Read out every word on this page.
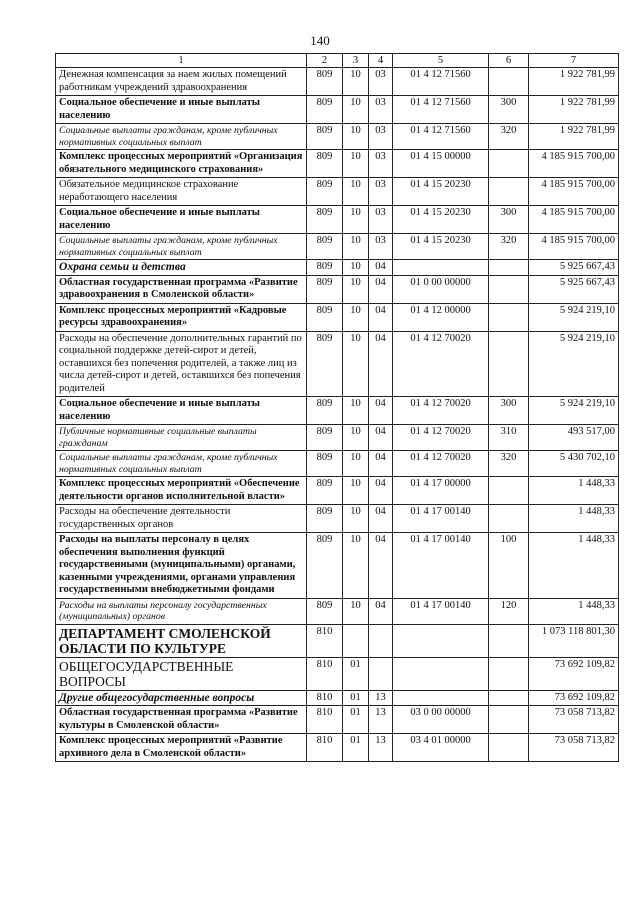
140
1	2	3	4	5	6	7
Денежная компенсация за наем жилых помещений работникам учреждений здравоохранения	809	10	03	01 4 12 71560		1 922 781,99
Социальное обеспечение и иные выплаты населению	809	10	03	01 4 12 71560	300	1 922 781,99
Социальные выплаты гражданам, кроме публичных нормативных социальных выплат	809	10	03	01 4 12 71560	320	1 922 781,99
Комплекс процессных мероприятий «Организация обязательного медицинского страхования»	809	10	03	01 4 15 00000		4 185 915 700,00
Обязательное медицинское страхование неработающего населения	809	10	03	01 4 15 20230		4 185 915 700,00
Социальное обеспечение и иные выплаты населению	809	10	03	01 4 15 20230	300	4 185 915 700,00
Социальные выплаты гражданам, кроме публичных нормативных социальных выплат	809	10	03	01 4 15 20230	320	4 185 915 700,00
Охрана семьи и детства	809	10	04			5 925 667,43
Областная государственная программа «Развитие здравоохранения в Смоленской области»	809	10	04	01 0 00 00000		5 925 667,43
Комплекс процессных мероприятий «Кадровые ресурсы здравоохранения»	809	10	04	01 4 12 00000		5 924 219,10
Расходы на обеспечение дополнительных гарантий по социальной поддержке детей-сирот и детей, оставшихся без попечения родителей, а также лиц из числа детей-сирот и детей, оставшихся без попечения родителей	809	10	04	01 4 12 70020		5 924 219,10
Социальное обеспечение и иные выплаты населению	809	10	04	01 4 12 70020	300	5 924 219,10
Публичные нормативные социальные выплаты гражданам	809	10	04	01 4 12 70020	310	493 517,00
Социальные выплаты гражданам, кроме публичных нормативных социальных выплат	809	10	04	01 4 12 70020	320	5 430 702,10
Комплекс процессных мероприятий «Обеспечение деятельности органов исполнительной власти»	809	10	04	01 4 17 00000		1 448,33
Расходы на обеспечение деятельности государственных органов	809	10	04	01 4 17 00140		1 448,33
Расходы на выплаты персоналу в целях обеспечения выполнения функций государственными (муниципальными) органами, казенными учреждениями, органами управления государственными внебюджетными фондами	809	10	04	01 4 17 00140	100	1 448,33
Расходы на выплаты персоналу государственных (муниципальных) органов	809	10	04	01 4 17 00140	120	1 448,33
ДЕПАРТАМЕНТ СМОЛЕНСКОЙ ОБЛАСТИ ПО КУЛЬТУРЕ	810					1 073 118 801,30
ОБЩЕГОСУДАРСТВЕННЫЕ ВОПРОСЫ	810	01				73 692 109,82
Другие общегосударственные вопросы	810	01	13			73 692 109,82
Областная государственная программа «Развитие культуры в Смоленской области»	810	01	13	03 0 00 00000		73 058 713,82
Комплекс процессных мероприятий «Развитие архивного дела в Смоленской области»	810	01	13	03 4 01 00000		73 058 713,82
